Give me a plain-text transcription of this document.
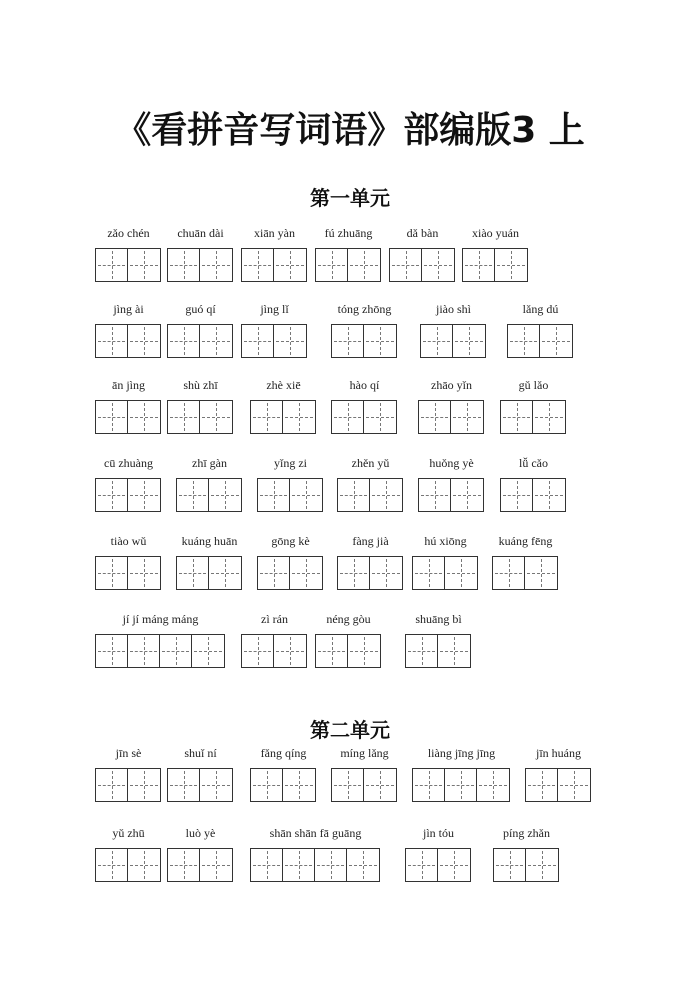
《看拼音写词语》部编版3 上
第一单元
zǎo chén	chuān dài	xiān yàn	fú zhuāng	dǎ bàn	xiào yuán
jìng ài	guó qí	jìng lǐ	tóng zhōng	jiào shì	lǎng dú
ān jìng	shù zhī	zhè xiē	hào qí	zhāo yǐn	gǔ lǎo
cū zhuàng	zhī gàn	yǐng zi	zhěn yǔ	huǒng yè	lǚ cǎo
tiào wǔ	kuáng huān	gōng kè	fàng jià	hú xiōng	kuáng fēng
jí jí máng máng	zì rán	néng gòu	shuāng bì
第二单元
jīn sè	shuǐ ní	fǎng qíng	míng lǎng	liàng jīng jīng	jīn huáng
yǔ zhū	luò yè	shān shān fā guāng	jìn tóu	píng zhǎn
